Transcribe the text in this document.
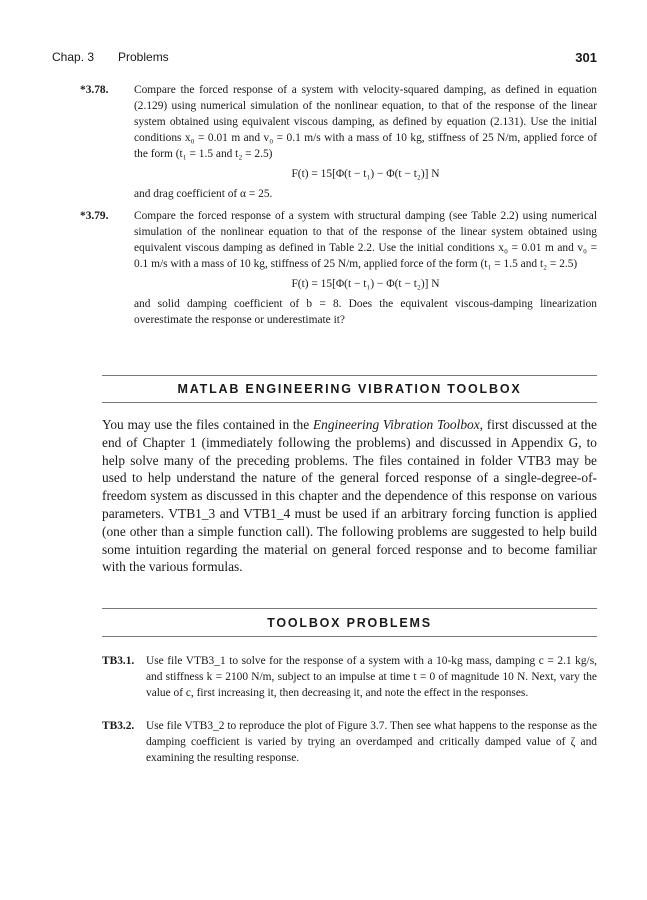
Chap. 3 Problems	301
*3.78. Compare the forced response of a system with velocity-squared damping, as defined in equation (2.129) using numerical simulation of the nonlinear equation, to that of the response of the linear system obtained using equivalent viscous damping, as defined by equation (2.131). Use the initial conditions x₀ = 0.01 m and v₀ = 0.1 m/s with a mass of 10 kg, stiffness of 25 N/m, applied force of the form (t₁ = 1.5 and t₂ = 2.5)
F(t) = 15[Φ(t − t₁) − Φ(t − t₂)] N
and drag coefficient of α = 25.
*3.79. Compare the forced response of a system with structural damping (see Table 2.2) using numerical simulation of the nonlinear equation to that of the response of the linear system obtained using equivalent viscous damping as defined in Table 2.2. Use the initial conditions x₀ = 0.01 m and v₀ = 0.1 m/s with a mass of 10 kg, stiffness of 25 N/m, applied force of the form (t₁ = 1.5 and t₂ = 2.5)
F(t) = 15[Φ(t − t₁) − Φ(t − t₂)] N
and solid damping coefficient of b = 8. Does the equivalent viscous-damping linearization overestimate the response or underestimate it?
MATLAB ENGINEERING VIBRATION TOOLBOX
You may use the files contained in the Engineering Vibration Toolbox, first discussed at the end of Chapter 1 (immediately following the problems) and discussed in Appendix G, to help solve many of the preceding problems. The files contained in folder VTB3 may be used to help understand the nature of the general forced response of a single-degree-of-freedom system as discussed in this chapter and the dependence of this response on various parameters. VTB1_3 and VTB1_4 must be used if an arbitrary forcing function is applied (one other than a simple function call). The following problems are suggested to help build some intuition regarding the material on general forced response and to become familiar with the various formulas.
TOOLBOX PROBLEMS
TB3.1. Use file VTB3_1 to solve for the response of a system with a 10-kg mass, damping c = 2.1 kg/s, and stiffness k = 2100 N/m, subject to an impulse at time t = 0 of magnitude 10 N. Next, vary the value of c, first increasing it, then decreasing it, and note the effect in the responses.
TB3.2. Use file VTB3_2 to reproduce the plot of Figure 3.7. Then see what happens to the response as the damping coefficient is varied by trying an overdamped and critically damped value of ζ and examining the resulting response.
